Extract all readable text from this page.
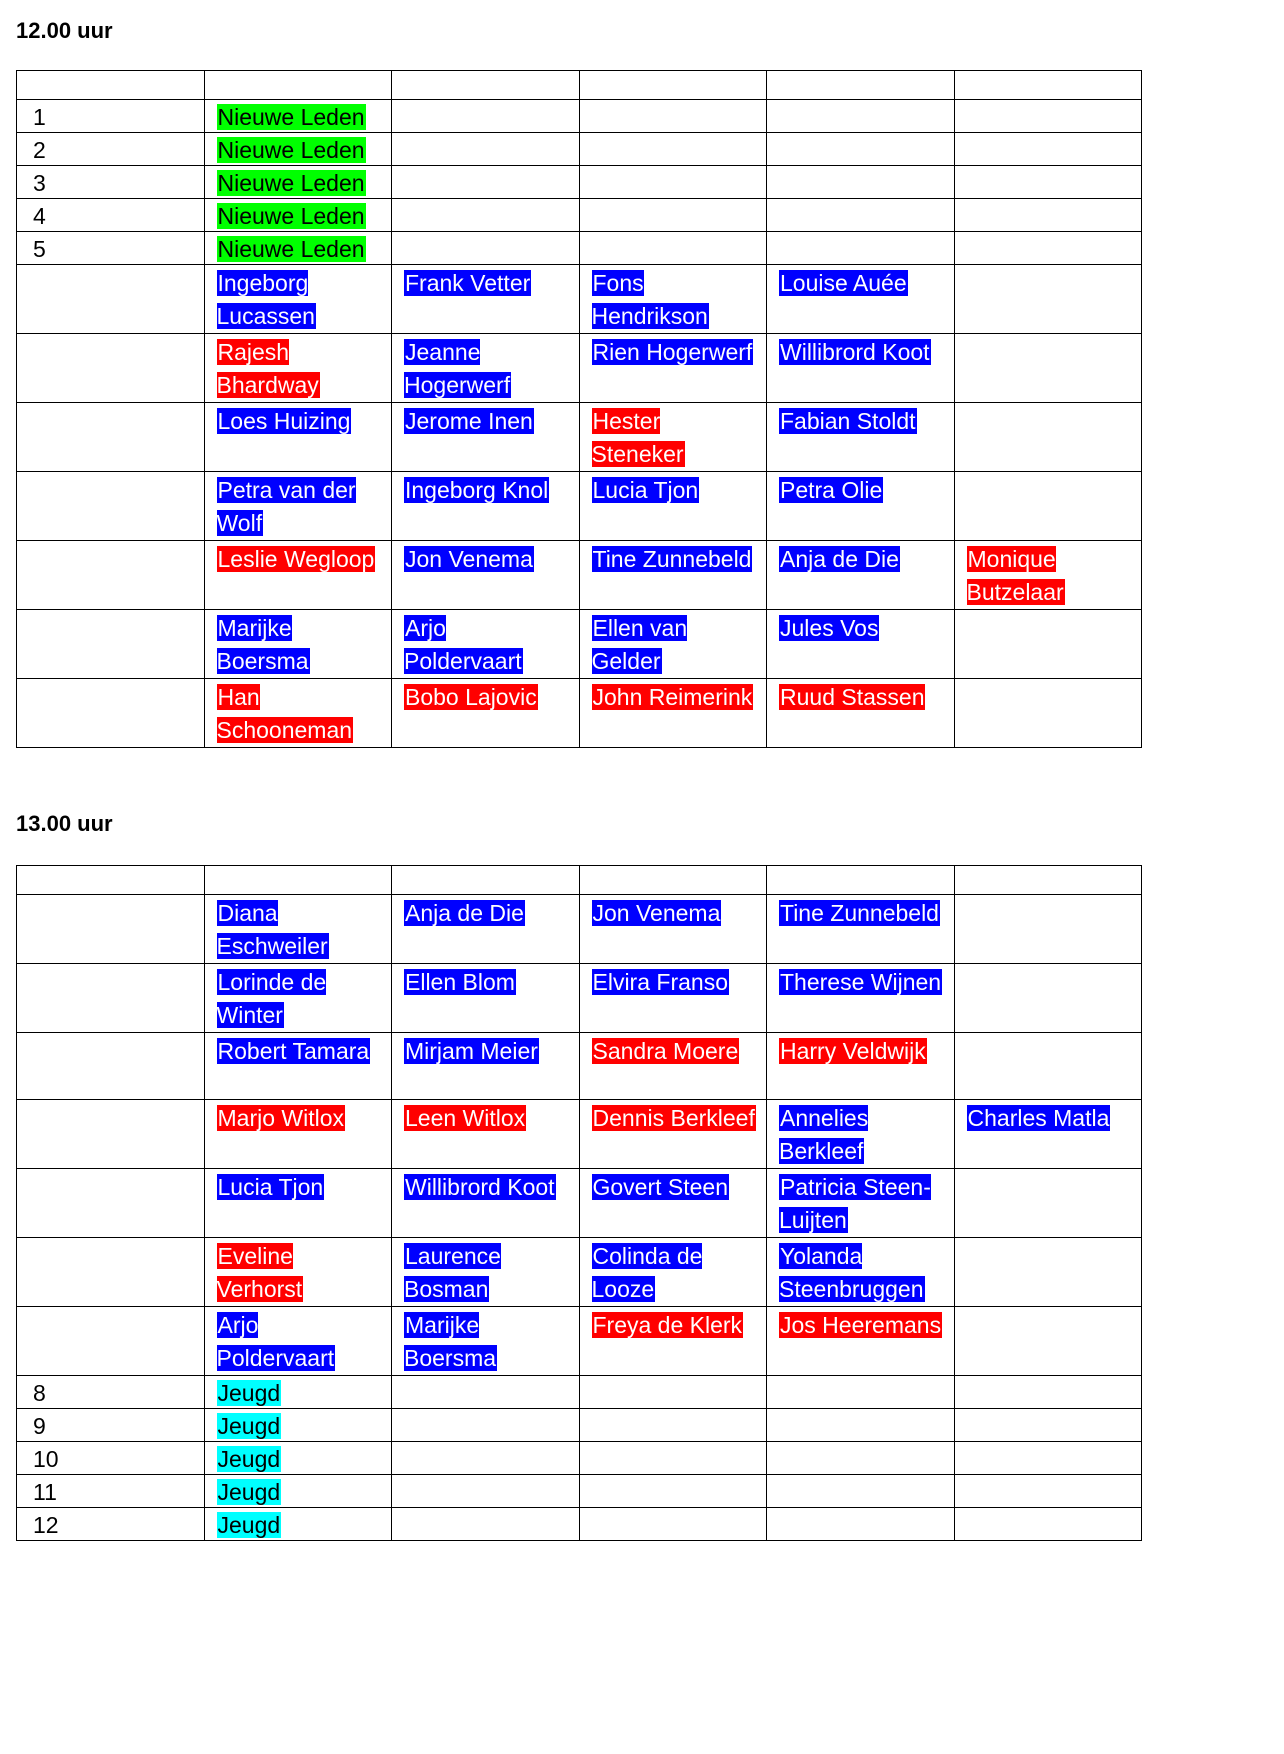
12.00 uur

1	Nieuwe Leden				
2	Nieuwe Leden				
3	Nieuwe Leden				
4	Nieuwe Leden				
5	Nieuwe Leden				
	Ingeborg Lucassen	Frank Vetter	Fons Hendrikson	Louise Auée	
	Rajesh Bhardway	Jeanne Hogerwerf	Rien Hogerwerf	Willibrord Koot	
	Loes Huizing	Jerome Inen	Hester Steneker	Fabian Stoldt	
	Petra van der Wolf	Ingeborg Knol	Lucia Tjon	Petra Olie	
	Leslie Wegloop	Jon Venema	Tine Zunnebeld	Anja de Die	Monique Butzelaar
	Marijke Boersma	Arjo Poldervaart	Ellen van Gelder	Jules Vos	
	Han Schooneman	Bobo Lajovic	John Reimerink	Ruud Stassen	
13.00 uur

	Diana Eschweiler	Anja de Die	Jon Venema	Tine Zunnebeld	
	Lorinde de Winter	Ellen Blom	Elvira Franso	Therese Wijnen	
	Robert Tamara	Mirjam Meier	Sandra Moere	Harry Veldwijk	
	Marjo Witlox	Leen Witlox	Dennis Berkleef	Annelies Berkleef	Charles Matla
	Lucia Tjon	Willibrord Koot	Govert Steen	Patricia Steen- Luijten	
	Eveline Verhorst	Laurence Bosman	Colinda de Looze	Yolanda Steenbruggen	
	Arjo Poldervaart	Marijke Boersma	Freya de Klerk	Jos Heeremans	
8	Jeugd				
9	Jeugd				
10	Jeugd				
11	Jeugd				
12	Jeugd				
